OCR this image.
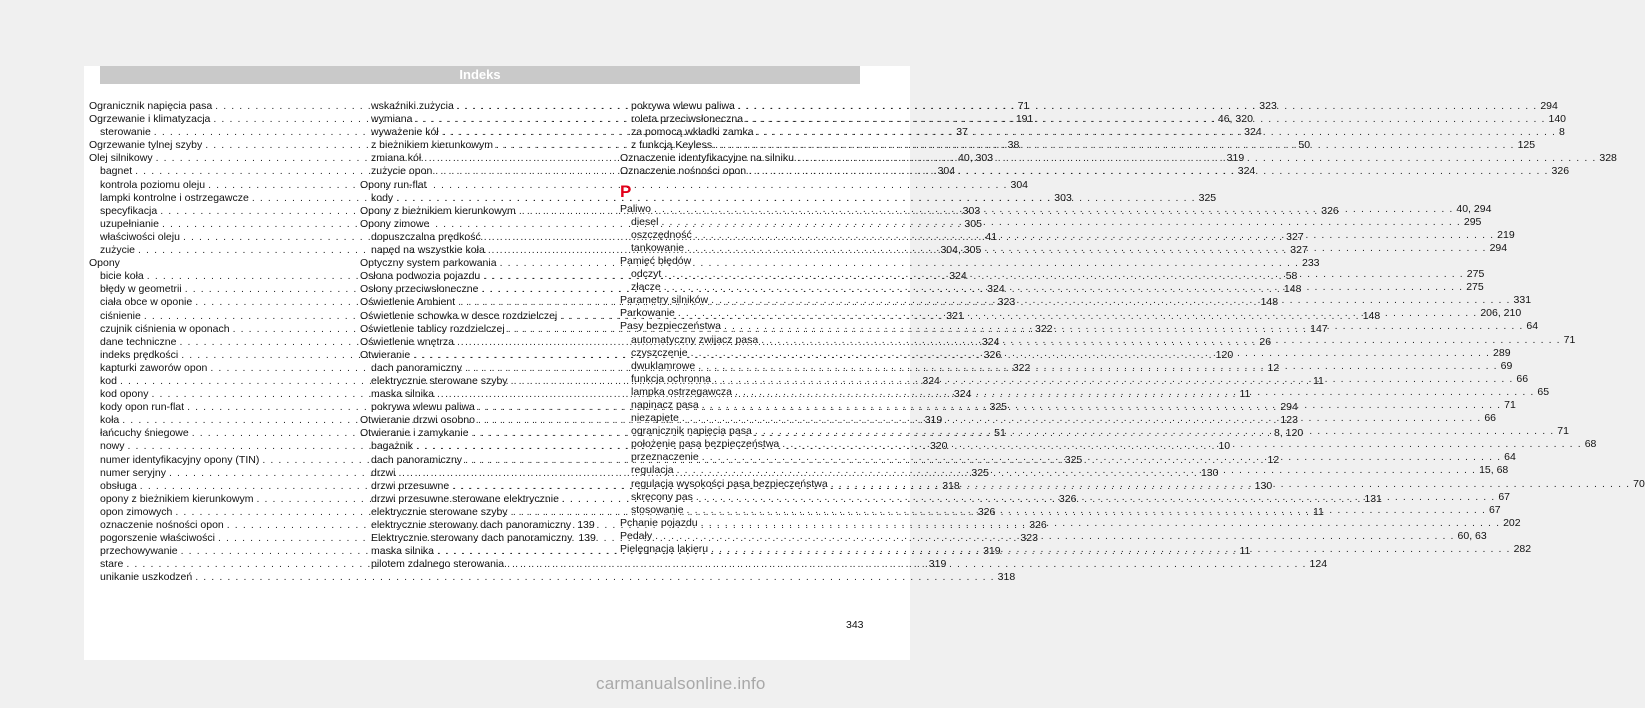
Indeks
Ogranicznik napięcia pasa . . .	71
Ogrzewanie i klimatyzacja . . .	191
sterowanie . . .	37
Ogrzewanie tylnej szyby . . .	38
Olej silnikowy . . .	40, 303
bagnet . . .	304
kontrola poziomu oleju . . .	304
lampki kontrolne i ostrzegawcze . . .	303
specyfikacja . . .	303
uzupełnianie . . .	305
właściwości oleju . . .	41
zużycie . . .	304, 305
Opony
bicie koła . . .	324
błędy w geometrii . . .	324
ciała obce w oponie . . .	323
ciśnienie . . .	321
czujnik ciśnienia w oponach . . .	322
dane techniczne . . .	324
indeks prędkości . . .	326
kapturki zaworów opon . . .	322
kod . . .	324
kod opony . . .	324
kody opon run-flat . . .	325
koła . . .	319
łańcuchy śniegowe . . .	51
nowy . . .	320
numer identyfikacyjny opony (TIN) . . .	325
numer seryjny . . .	325
obsługa . . .	318
opony z bieżnikiem kierunkowym . . .	326
opon zimowych . . .	326
oznaczenie nośności opon . . .	326
pogorszenie właściwości . . .	323
przechowywanie . . .	319
stare . . .	319
unikanie uszkodzeń . . .	318
wskaźniki zużycia . . .	323
wymiana . . .	46, 320
wyważenie kół . . .	324
z bieżnikiem kierunkowym . . .	50
zmiana kół . . .	319
zużycie opon . . .	324
Opony run-flat
kody . . .	325
Opony z bieżnikiem kierunkowym . . .	326
Opony zimowe
dopuszczalna prędkość . . .	327
napęd na wszystkie koła . . .	327
Optyczny system parkowania . . .	233
Osłona podwozia pojazdu . . .	58
Osłony przeciwsłoneczne . . .	148
Oświetlenie Ambient . . .	148
Oświetlenie schowka w desce rozdzielczej . . .	148
Oświetlenie tablicy rozdzielczej . . .	147
Oświetlenie wnętrza . . .	26
Otwieranie . . .	120
dach panoramiczny . . .	12
elektrycznie sterowane szyby . . .	11
maska silnika . . .	11
pokrywa wlewu paliwa . . .	294
Otwieranie drzwi osobno . . .	123
Otwieranie i zamykanie . . .	8, 120
bagażnik . . .	10
dach panoramiczny . . .	12
drzwi . . .	130
drzwi przesuwne . . .	130
drzwi przesuwne sterowane elektrycznie . . .	131
elektrycznie sterowane szyby . . .	11
elektrycznie sterowany dach panoramiczny 139
Elektrycznie sterowany dach panoramiczny 139
maska silnika . . .	11
pilotem zdalnego sterowania . . .	124
pokrywa wlewu paliwa . . .	294
roleta przeciwsłoneczna . . .	140
za pomocą wkładki zamka . . .	8
z funkcją Keyless . . .	125
Oznaczenie identyfikacyjne na silniku . . .	328
Oznaczenie nośności opon . . .	326
P
Paliwo . . .	40, 294
diesel . . .	295
oszczędność . . .	219
tankowanie . . .	294
Pamięć błędów
odczyt . . .	275
złącze . . .	275
Parametry silników . . .	331
Parkowanie . . .	206, 210
Pasy bezpieczeństwa . . .	64
automatyczny zwijacz pasa . . .	71
czyszczenie . . .	289
dwuklamrowe . . .	69
funkcja ochronna . . .	66
lampka ostrzegawcza . . .	65
napinacz pasa . . .	71
niezapięte . . .	66
ogranicznik napięcia pasa . . .	71
położenie pasa bezpieczeństwa . . .	68
przeznaczenie . . .	64
regulacja . . .	15, 68
regulacja wysokości pasa bezpieczeństwa . . .	70
skręcony pas . . .	67
stosowanie . . .	67
Pchanie pojazdu . . .	202
Pedały . . .	60, 63
Pielęgnacja lakieru . . .	282
343
carmanualsonline.info
